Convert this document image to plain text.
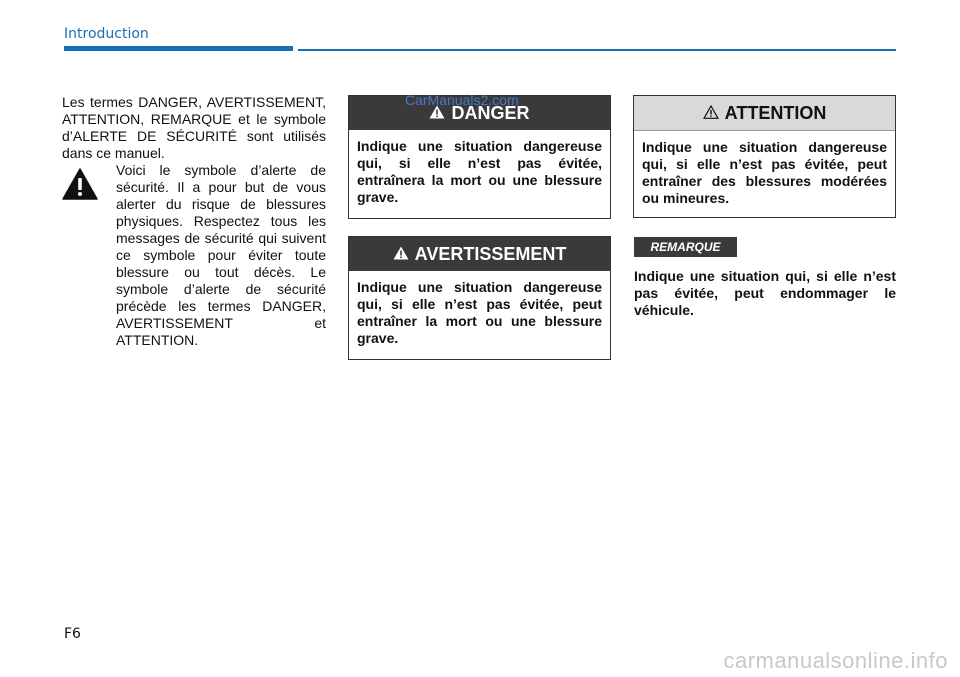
Introduction

Les termes DANGER, AVERTISSEMENT, ATTENTION, REMARQUE et le symbole d’ALERTE DE SÉCURITÉ sont utilisés dans ce manuel.

Voici le symbole d’alerte de sécurité. Il a pour but de vous alerter du risque de blessures physiques. Respectez tous les messages de sécurité qui suivent ce symbole pour éviter toute blessure ou tout décès. Le symbole d’alerte de sécurité précède les termes DANGER, AVERTISSEMENT et ATTENTION.

DANGER
Indique une situation dangereuse qui, si elle n’est pas évitée, entraînera la mort ou une blessure grave.
CarManuals2.com
AVERTISSEMENT
Indique une situation dangereuse qui, si elle n’est pas évitée, peut entraîner la mort ou une blessure grave.
ATTENTION
Indique une situation dangereuse qui, si elle n’est pas évitée, peut entraîner des blessures modérées ou mineures.
REMARQUE

Indique une situation qui, si elle n’est pas évitée, peut endommager le véhicule.

F6
carmanualsonline.info
